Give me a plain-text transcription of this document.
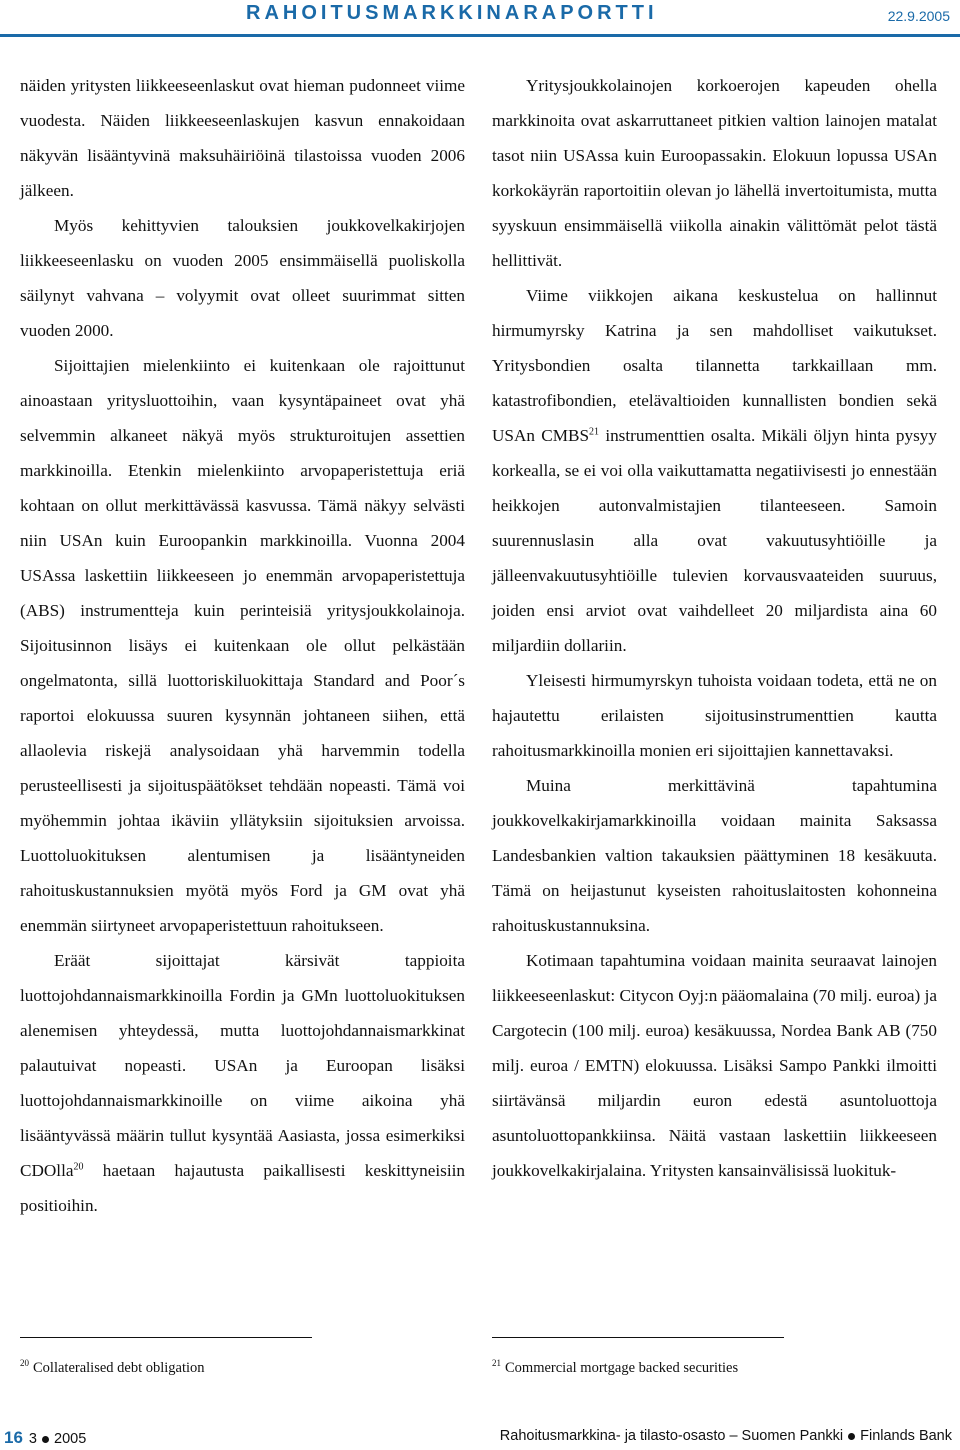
RAHOITUSMARKKINARAPORTTI	22.9.2005

näiden yritysten liikkeeseenlaskut ovat hieman pudonneet viime vuodesta. Näiden liikkeeseenlaskujen kasvun ennakoidaan näkyvän lisääntyvinä maksuhäiriöinä tilastoissa vuoden 2006 jälkeen.

Myös kehittyvien talouksien joukkovelkakirjojen liikkeeseenlasku on vuoden 2005 ensimmäisellä puoliskolla säilynyt vahvana – volyymit ovat olleet suurimmat sitten vuoden 2000.

Sijoittajien mielenkiinto ei kuitenkaan ole rajoittunut ainoastaan yritysluottoihin, vaan kysyntäpaineet ovat yhä selvemmin alkaneet näkyä myös strukturoitujen assettien markkinoilla. Etenkin mielenkiinto arvopaperistettuja eriä kohtaan on ollut merkittävässä kasvussa. Tämä näkyy selvästi niin USAn kuin Euroopankin markkinoilla. Vuonna 2004 USAssa laskettiin liikkeeseen jo enemmän arvopaperistettuja (ABS) instrumentteja kuin perinteisiä yritysjoukkolainoja. Sijoitusinnon lisäys ei kuitenkaan ole ollut pelkästään ongelmatonta, sillä luottoriskiluokittaja Standard and Poor´s raportoi elokuussa suuren kysynnän johtaneen siihen, että allaolevia riskejä analysoidaan yhä harvemmin todella perusteellisesti ja sijoituspäätökset tehdään nopeasti. Tämä voi myöhemmin johtaa ikäviin yllätyksiin sijoituksien arvoissa. Luottoluokituksen alentumisen ja lisääntyneiden rahoituskustannuksien myötä myös Ford ja GM ovat yhä enemmän siirtyneet arvopaperistettuun rahoitukseen.

Eräät sijoittajat kärsivät tappioita luottojohdannaismarkkinoilla Fordin ja GMn luottoluokituksen alenemisen yhteydessä, mutta luottojohdannaismarkkinat palautuivat nopeasti. USAn ja Euroopan lisäksi luottojohdannaismarkkinoille on viime aikoina yhä lisääntyvässä määrin tullut kysyntää Aasiasta, jossa esimerkiksi CDOlla$^{20}$ haetaan hajautusta paikallisesti keskittyneisiin positioihin.

Yritysjoukkolainojen korkoerojen kapeuden ohella markkinoita ovat askarruttaneet pitkien valtion lainojen matalat tasot niin USAssa kuin Euroopassakin. Elokuun lopussa USAn korkokäyrän raportoitiin olevan jo lähellä invertoitumista, mutta syyskuun ensimmäisellä viikolla ainakin välittömät pelot tästä hellittivät.

Viime viikkojen aikana keskustelua on hallinnut hirmumyrsky Katrina ja sen mahdolliset vaikutukset. Yritysbondien osalta tilannetta tarkkaillaan mm. katastrofibondien, etelävaltioiden kunnallisten bondien sekä USAn CMBS$^{21}$ instrumenttien osalta. Mikäli öljyn hinta pysyy korkealla, se ei voi olla vaikuttamatta negatiivisesti jo ennestään heikkojen autonvalmistajien tilanteeseen. Samoin suurennuslasin alla ovat vakuutusyhtiöille ja jälleenvakuutusyhtiöille tulevien korvausvaateiden suuruus, joiden ensi arviot ovat vaihdelleet 20 miljardista aina 60 miljardiin dollariin.

Yleisesti hirmumyrskyn tuhoista voidaan todeta, että ne on hajautettu erilaisten sijoitusinstrumenttien kautta rahoitusmarkkinoilla monien eri sijoittajien kannettavaksi.

Muina merkittävinä tapahtumina joukkovelkakirjamarkkinoilla voidaan mainita Saksassa Landesbankien valtion takauksien päättyminen 18 kesäkuuta. Tämä on heijastunut kyseisten rahoituslaitosten kohonneina rahoituskustannuksina.

Kotimaan tapahtumina voidaan mainita seuraavat lainojen liikkeeseenlaskut: Citycon Oyj:n pääomalaina (70 milj. euroa) ja Cargotecin (100 milj. euroa) kesäkuussa, Nordea Bank AB (750 milj. euroa / EMTN) elokuussa. Lisäksi Sampo Pankki ilmoitti siirtävänsä miljardin euron edestä asuntoluottoja asuntoluottopankkiinsa. Näitä vastaan laskettiin liikkeeseen joukkovelkakirjalaina. Yritysten kansainvälisissä luokituk-

$^{20}$ Collateralised debt obligation	$^{21}$ Commercial mortgage backed securities
16 3 2005	Rahoitusmarkkina- ja tilasto-osasto – Suomen Pankki Finlands Bank
